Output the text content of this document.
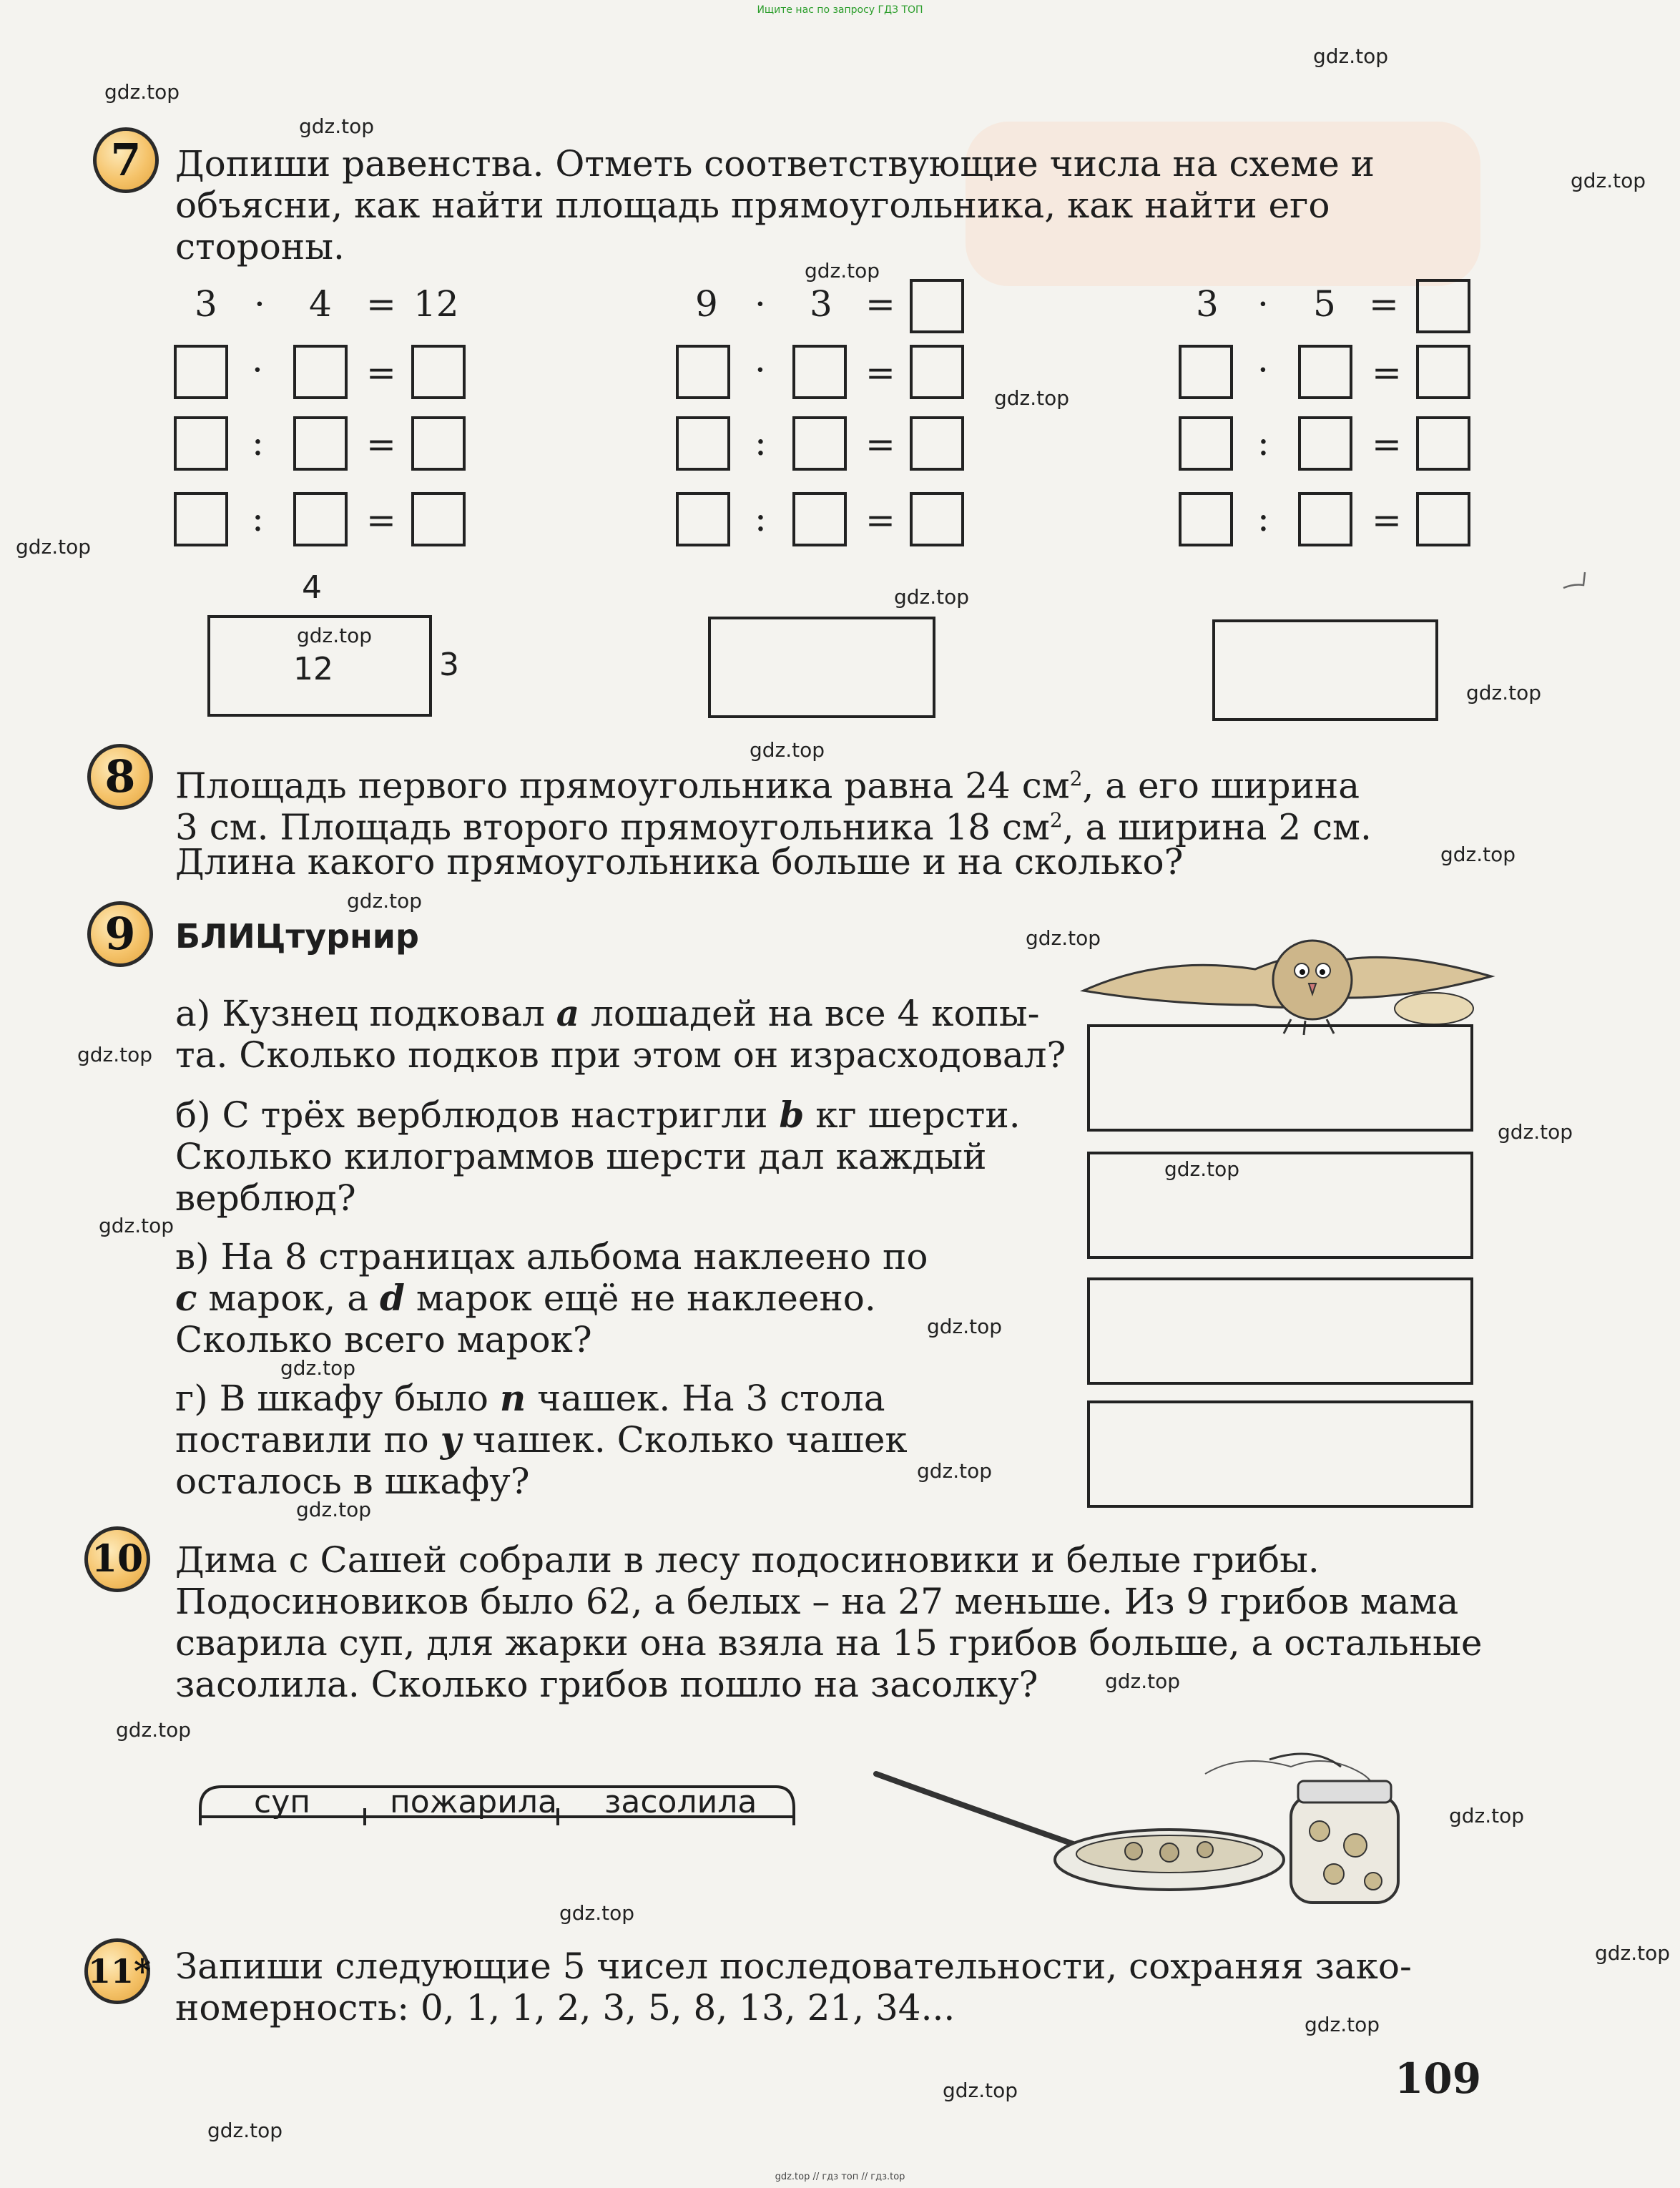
Ищите нас по запросу ГДЗ ТОП
gdz.top // гдз топ // гдз.top
gdz.top
gdz.top
gdz.top
gdz.top
gdz.top
gdz.top
gdz.top
gdz.top
gdz.top
gdz.top
gdz.top
gdz.top
gdz.top
gdz.top
gdz.top
gdz.top
gdz.top
gdz.top
gdz.top
gdz.top
gdz.top
gdz.top
gdz.top
gdz.top
gdz.top
gdz.top
gdz.top
gdz.top
gdz.top
gdz.top
7 Допиши равенства. Отметь соответствующие числа на схеме и
объясни, как найти площадь прямоугольника, как найти его
стороны.
3 · 4 = 12
·	=
:	=
:	=
4
12	3
9 · 3 =
·	=
:	=
:	=
3 · 5 =
·	=
:	=
:	=
8	Площадь первого прямоугольника равна 24 $см^2$, а его ширина
3 см. Площадь второго прямоугольника 18 $см^2$, а ширина 2 см.
Длина какого прямоугольника больше и на сколько?
9	БЛИЦтурнир
а) Кузнец подковал a лошадей на все 4 копы-
та. Сколько подков при этом он израсходовал?
б) С трёх верблюдов настригли b кг шерсти.
Сколько килограммов шерсти дал каждый
верблюд?
в) На 8 страницах альбома наклеено по
c марок, а d марок ещё не наклеено.
Сколько всего марок?
г) В шкафу было n чашек. На 3 стола
поставили по y чашек. Сколько чашек
осталось в шкафу?
10 Дима с Сашей собрали в лесу подосиновики и белые грибы.
Подосиновиков было 62, а белых – на 27 меньше. Из 9 грибов мама
сварила суп, для жарки она взяла на 15 грибов больше, а остальные
засолила. Сколько грибов пошло на засолку?
суп	пожарила засолила
11* Запиши следующие 5 чисел последовательности, сохраняя зако-
номерность: 0, 1, 1, 2, 3, 5, 8, 13, 21, 34...
109
